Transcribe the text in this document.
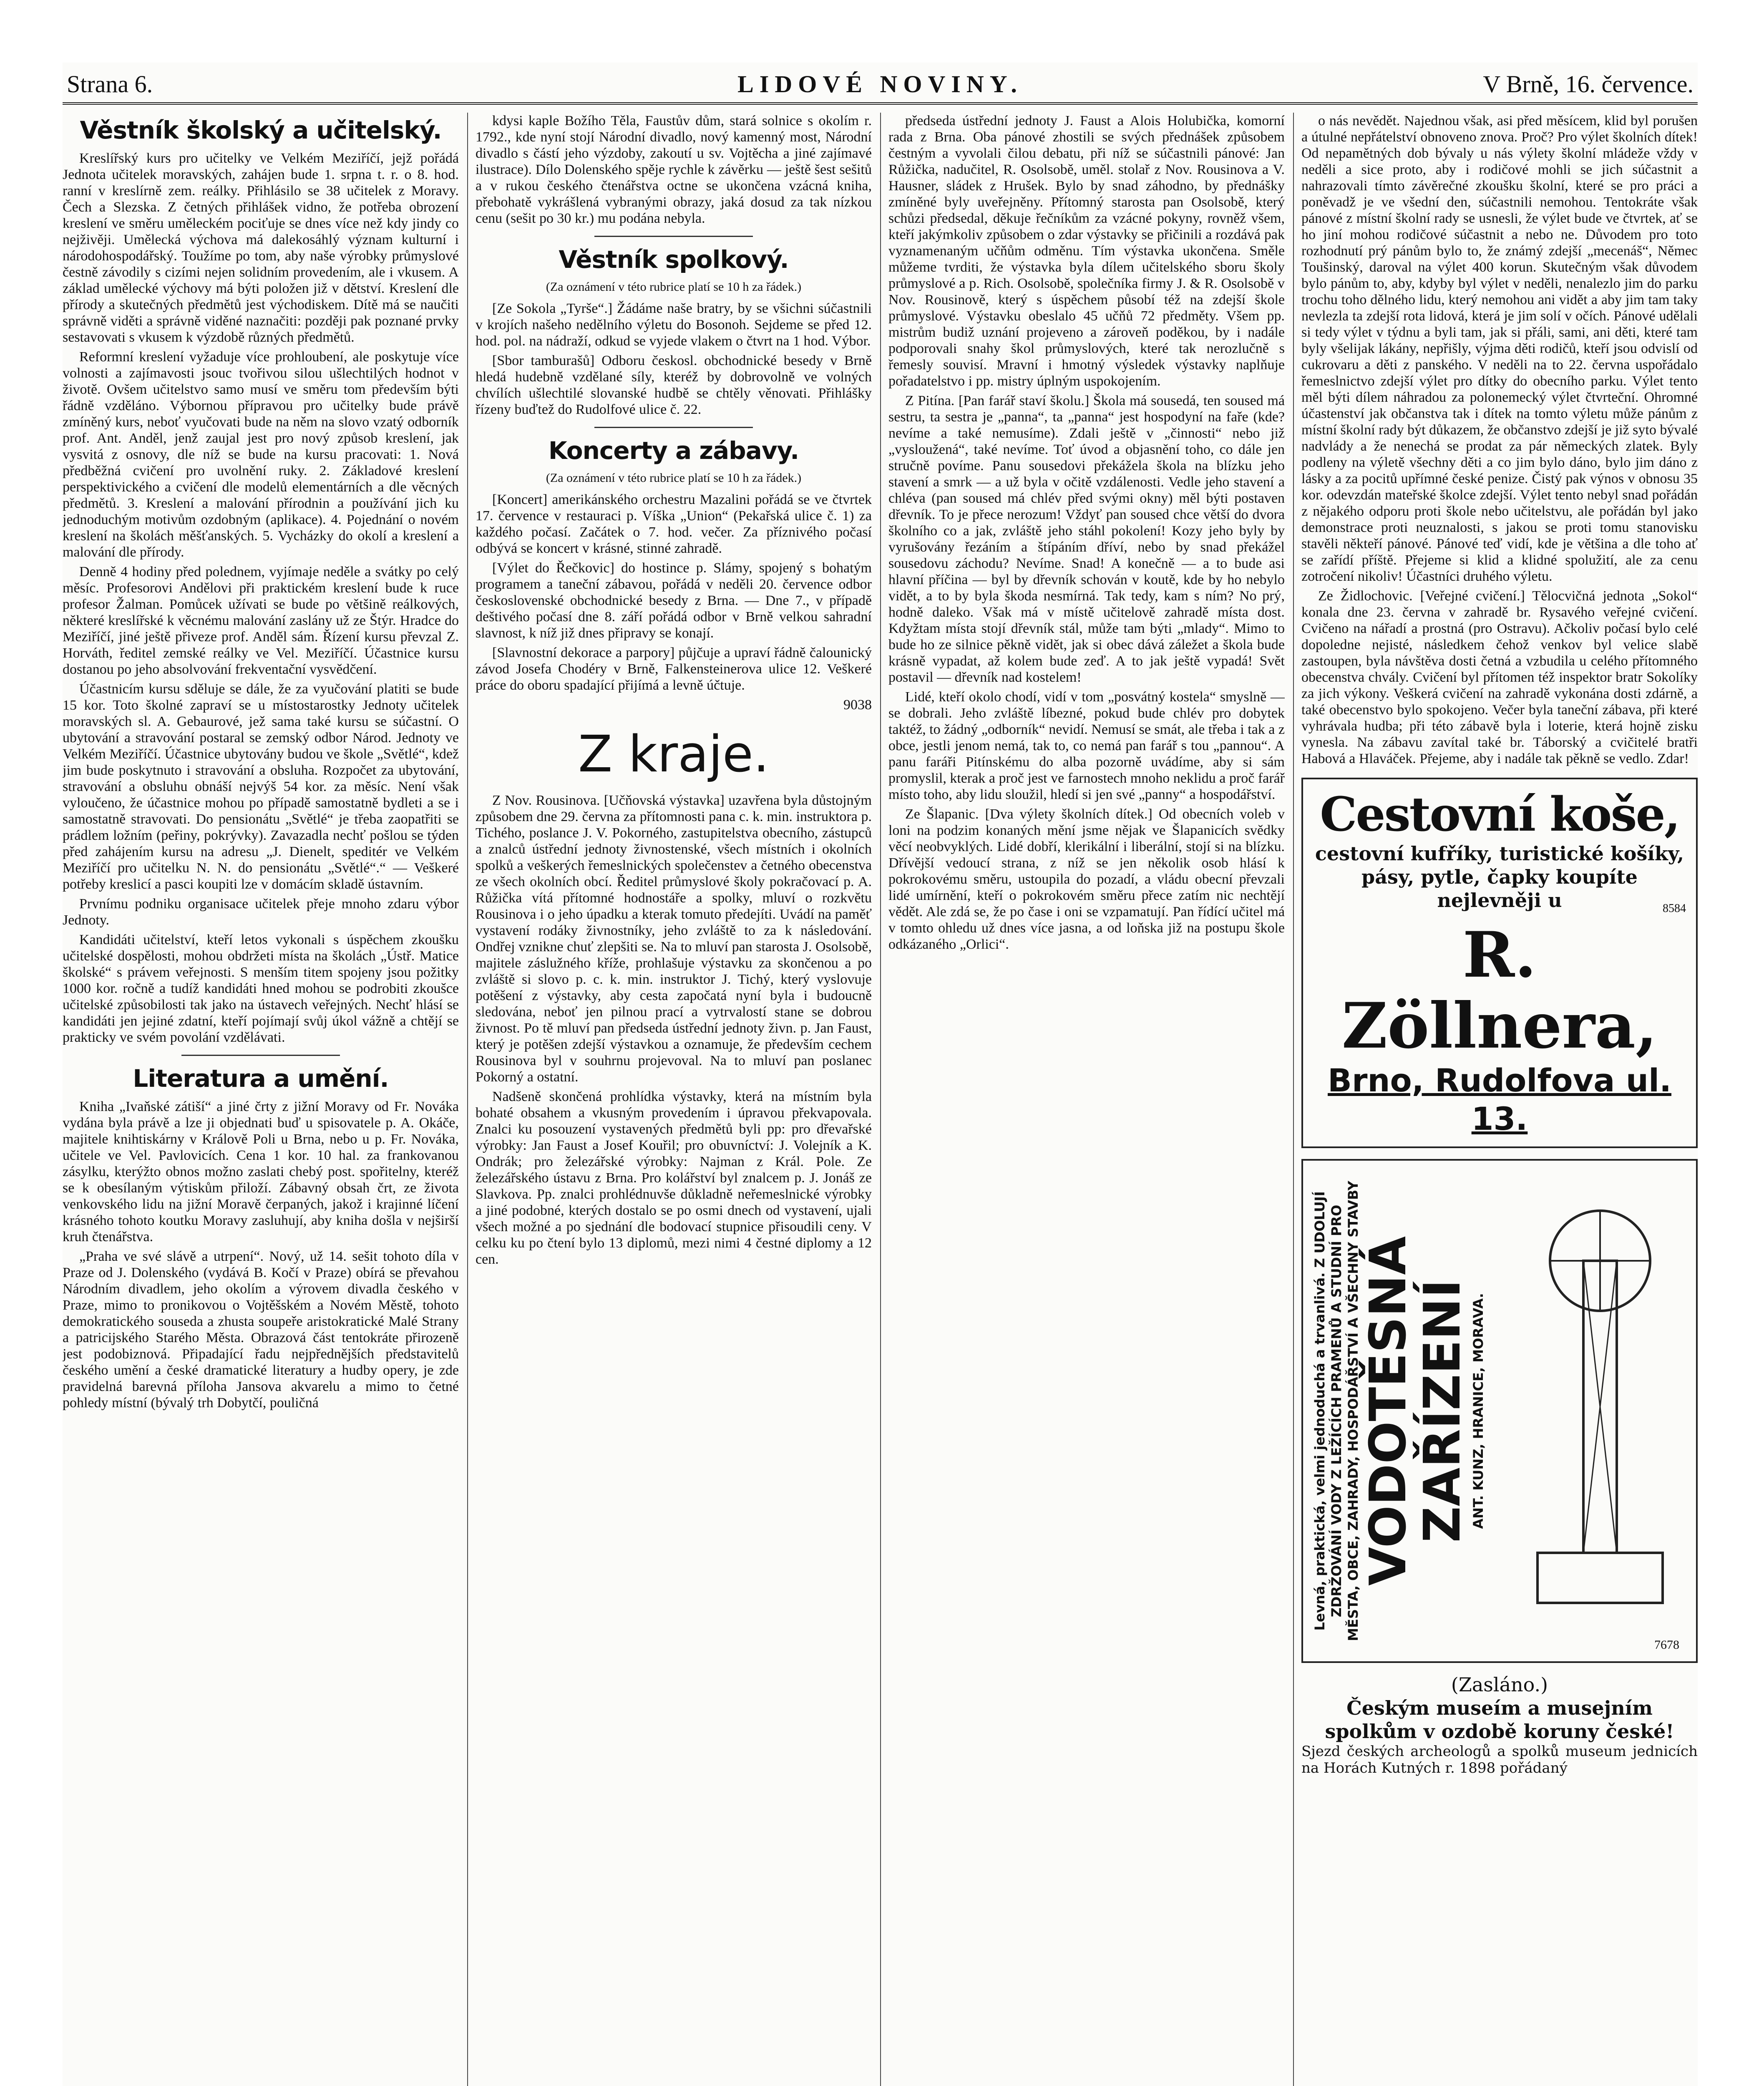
Strana 6.	LIDOVÉ NOVINY.	V Brně, 16. července.
Věstník školský a učitelský.

Kreslířský kurs pro učitelky ve Velkém Meziříčí, jejž pořádá Jednota učitelek moravských, zahájen bude 1. srpna t. r. o 8. hod. ranní v kreslírně zem. reálky. Přihlásilo se 38 učitelek z Moravy. Čech a Slezska. Z četných přihlášek vidno, že potřeba obrození kreslení ve směru uměleckém pociťuje se dnes více než kdy jindy co nejživěji. Umělecká výchova má dalekosáhlý význam kulturní i národohospodářský. Toužíme po tom, aby naše výrobky průmyslové čestně závodily s cizími nejen solidním provedením, ale i vkusem. A základ umělecké výchovy má býti položen již v dětství. Kreslení dle přírody a skutečných předmětů jest východiskem. Dítě má se naučiti správně viděti a správně viděné naznačiti: později pak poznané prvky sestavovati s vkusem k výzdobě různých předmětů.

Reformní kreslení vyžaduje více prohloubení, ale poskytuje více volnosti a zajímavosti jsouc tvořivou silou ušlechtilých hodnot v životě. Ovšem učitelstvo samo musí ve směru tom především býti řádně vzděláno. Výbornou přípravou pro učitelky bude právě zmíněný kurs, neboť vyučovati bude na něm na slovo vzatý odborník prof. Ant. Anděl, jenž zaujal jest pro nový způsob kreslení, jak vysvitá z osnovy, dle níž se bude na kursu pracovati: 1. Nová předběžná cvičení pro uvolnění ruky. 2. Základové kreslení perspektivického a cvičení dle modelů elementárních a dle věcných předmětů. 3. Kreslení a malování přírodnin a používání jich ku jednoduchým motivům ozdobným (aplikace). 4. Pojednání o novém kreslení na školách měšťanských. 5. Vycházky do okolí a kreslení a malování dle přírody.

Denně 4 hodiny před polednem, vyjímaje neděle a svátky po celý měsíc. Profesorovi Andělovi při praktickém kreslení bude k ruce profesor Žalman. Pomůcek užívati se bude po většině reálkových, některé kreslířské k věcnému malování zaslány už ze Štýr. Hradce do Meziříčí, jiné ještě přiveze prof. Anděl sám. Řízení kursu převzal Z. Horváth, ředitel zemské reálky ve Vel. Meziříčí. Účastnice kursu dostanou po jeho absolvování frekventační vysvědčení.

Účastnicím kursu sděluje se dále, že za vyučování platiti se bude 15 kor. Toto školné zapraví se u místostarostky Jednoty učitelek moravských sl. A. Gebaurové, jež sama také kursu se súčastní. O ubytování a stravování postaral se zemský odbor Národ. Jednoty ve Velkém Meziříčí. Účastnice ubytovány budou ve škole „Světlé“, kdež jim bude poskytnuto i stravování a obsluha. Rozpočet za ubytování, stravování a obsluhu obnáší nejvýš 54 kor. za měsíc. Není však vyloučeno, že účastnice mohou po případě samostatně bydleti a se i samostatně stravovati. Do pensionátu „Světlé“ je třeba zaopatřiti se prádlem ložním (peřiny, pokrývky). Zavazadla nechť pošlou se týden před zahájením kursu na adresu „J. Dienelt, speditér ve Velkém Meziříčí pro učitelku N. N. do pensionátu „Světlé“.“ — Veškeré potřeby kreslicí a pasci koupiti lze v domácím skladě ústavním.

Prvnímu podniku organisace učitelek přeje mnoho zdaru výbor Jednoty.

Kandidáti učitelství, kteří letos vykonali s úspěchem zkoušku učitelské dospělosti, mohou obdržeti místa na školách „Ústř. Matice školské“ s právem veřejnosti. S menším titem spojeny jsou požitky 1000 kor. ročně a tudíž kandidáti hned mohou se podrobiti zkoušce učitelské způsobilosti tak jako na ústavech veřejných. Nechť hlásí se kandidáti jen jejiné zdatní, kteří pojímají svůj úkol vážně a chtějí se prakticky ve svém povolání vzdělávati.

Literatura a umění.

Kniha „Ivaňské zátiší“ a jiné črty z jižní Moravy od Fr. Nováka vydána byla právě a lze ji objednati buď u spisovatele p. A. Okáče, majitele knihtiskárny v Králově Poli u Brna, nebo u p. Fr. Nováka, učitele ve Vel. Pavlovicích. Cena 1 kor. 10 hal. za frankovanou zásylku, kterýžto obnos možno zaslati chebý post. spořitelny, kteréž se k obesílaným výtiskům přiloží. Zábavný obsah črt, ze života venkovského lidu na jižní Moravě čerpaných, jakož i krajinné líčení krásného tohoto koutku Moravy zasluhují, aby kniha došla v nejširší kruh čtenářstva.

„Praha ve své slávě a utrpení“. Nový, už 14. sešit tohoto díla v Praze od J. Dolenského (vydává B. Kočí v Praze) obírá se převahou Národním divadlem, jeho okolím a výrovem divadla českého v Praze, mimo to pronikovou o Vojtěšském a Novém Městě, tohoto demokratického souseda a zhusta soupeře aristokratické Malé Strany a patricijského Starého Města. Obrazová část tentokráte přirozeně jest podobiznová. Připadající řadu nejpřednějších představitelů českého umění a české dramatické literatury a hudby opery, je zde pravidelná barevná příloha Jansova akvarelu a mimo to četné pohledy místní (bývalý trh Dobytčí, pouličná

kdysi kaple Božího Těla, Faustův dům, stará solnice s okolím r. 1792., kde nyní stojí Národní divadlo, nový kamenný most, Národní divadlo s částí jeho výzdoby, zakoutí u sv. Vojtěcha a jiné zajímavé ilustrace). Dílo Dolenského spěje rychle k závěrku — ještě šest sešitů a v rukou českého čtenářstva octne se ukončena vzácná kniha, přebohatě vykrášlená vybranými obrazy, jaká dosud za tak nízkou cenu (sešit po 30 kr.) mu podána nebyla.

Věstník spolkový.
(Za oznámení v této rubrice platí se 10 h za řádek.)

[Ze Sokola „Tyrše“.] Žádáme naše bratry, by se všichni súčastnili v krojích našeho nedělního výletu do Bosonoh. Sejdeme se před 12. hod. pol. na nádraží, odkud se vyjede vlakem o čtvrt na 1 hod. Výbor.

[Sbor tamburašů] Odboru českosl. obchodnické besedy v Brně hledá hudebně vzdělané síly, kteréž by dobrovolně ve volných chvílích ušlechtilé slovanské hudbě se chtěly věnovati. Přihlášky řízeny buďtež do Rudolfové ulice č. 22.

Koncerty a zábavy.
(Za oznámení v této rubrice platí se 10 h za řádek.)

[Koncert] amerikánského orchestru Mazalini pořádá se ve čtvrtek 17. července v restauraci p. Víška „Union“ (Pekařská ulice č. 1) za každého počasí. Začátek o 7. hod. večer. Za příznivého počasí odbývá se koncert v krásné, stinné zahradě.

[Výlet do Řečkovic] do hostince p. Slámy, spojený s bohatým programem a taneční zábavou, pořádá v neděli 20. července odbor československé obchodnické besedy z Brna. — Dne 7., v případě deštivého počasí dne 8. září pořádá odbor v Brně velkou sahradní slavnost, k níž již dnes připravy se konají.

[Slavnostní dekorace a parpory] půjčuje a upraví řádně čalounický závod Josefa Chodéry v Brně, Falkensteinerova ulice 12. Veškeré práce do oboru spadající přijímá a levně účtuje.

9038
Z kraje.

Z Nov. Rousinova. [Učňovská výstavka] uzavřena byla důstojným způsobem dne 29. června za přítomnosti pana c. k. min. instruktora p. Tichého, poslance J. V. Pokorného, zastupitelstva obecního, zástupců a znalců ústřední jednoty živnostenské, všech místních i okolních spolků a veškerých řemeslnických společenstev a četného obecenstva ze všech okolních obcí. Ředitel průmyslové školy pokračovací p. A. Růžička vítá přítomné hodnostáře a spolky, mluví o rozkvětu Rousinova i o jeho úpadku a kterak tomuto předejíti. Uvádí na paměť vystavení rodáky živnostníky, jeho zvláště to za k následování. Ondřej vznikne chuť zlepšiti se. Na to mluví pan starosta J. Osolsobě, majitele záslužného kříže, prohlašuje výstavku za skončenou a po zvláště si slovo p. c. k. min. instruktor J. Tichý, který vyslovuje potěšení z výstavky, aby cesta započatá nyní byla i budoucně sledována, neboť jen pilnou prací a vytrvalostí stane se dobrou živnost. Po tě mluví pan předseda ústřední jednoty živn. p. Jan Faust, který je potěšen zdejší výstavkou a oznamuje, že především cechem Rousinova byl v souhrnu projevoval. Na to mluví pan poslanec Pokorný a ostatní.

Nadšeně skončená prohlídka výstavky, která na místním byla bohaté obsahem a vkusným provedením i úpravou překvapovala. Znalci ku posouzení vystavených předmětů byli pp: pro dřevařské výrobky: Jan Faust a Josef Kouřil; pro obuvníctví: J. Volejník a K. Ondrák; pro železářské výrobky: Najman z Král. Pole. Ze železářského ústavu z Brna. Pro kolářství byl znalcem p. J. Jonáš ze Slavkova. Pp. znalci prohlédnuvše důkladně neřemeslnické výrobky a jiné podobné, kterých dostalo se po osmi dnech od vystavení, ujali všech možné a po sjednání dle bodovací stupnice přisoudili ceny. V celku ku po čtení bylo 13 diplomů, mezi nimi 4 čestné diplomy a 12 cen.

předseda ústřední jednoty J. Faust a Alois Holubička, komorní rada z Brna. Oba pánové zhostili se svých přednášek způsobem čestným a vyvolali čilou debatu, při níž se súčastnili pánové: Jan Růžička, nadučitel, R. Osolsobě, uměl. stolař z Nov. Rousinova a V. Hausner, sládek z Hrušek. Bylo by snad záhodno, by přednášky zmíněné byly uveřejněny. Přítomný starosta pan Osolsobě, který schůzi předsedal, děkuje řečníkům za vzácné pokyny, rovněž všem, kteří jakýmkoliv způsobem o zdar výstavky se přičinili a rozdává pak vyznamenaným učňům odměnu. Tím výstavka ukončena. Směle můžeme tvrditi, že výstavka byla dílem učitelského sboru školy průmyslové a p. Rich. Osolsobě, společníka firmy J. & R. Osolsobě v Nov. Rousinově, který s úspěchem působí též na zdejší škole průmyslové. Výstavku obeslalo 45 učňů 72 předměty. Všem pp. mistrům budiž uznání projeveno a zároveň poděkou, by i nadále podporovali snahy škol průmyslových, které tak nerozlučně s řemesly souvisí. Mravní i hmotný výsledek výstavky naplňuje pořadatelstvo i pp. mistry úplným uspokojením.

Z Pitína. [Pan farář staví školu.] Škola má sousedá, ten soused má sestru, ta sestra je „panna“, ta „panna“ jest hospodyní na faře (kde? nevíme a také nemusíme). Zdali ještě v „činnosti“ nebo již „vysloužená“, také nevíme. Toť úvod a objasnění toho, co dále jen stručně povíme. Panu sousedovi překážela škola na blízku jeho stavení a smrk — a už byla v očitě vzdálenosti. Vedle jeho stavení a chléva (pan soused má chlév před svými okny) měl býti postaven dřevník. To je přece nerozum! Vždyť pan soused chce větší do dvora školního co a jak, zvláště jeho stáhl pokolení! Kozy jeho byly by vyrušovány řezáním a štípáním dříví, nebo by snad překážel sousedovu záchodu? Nevíme. Snad! A konečně — a to bude asi hlavní příčina — byl by dřevník schován v koutě, kde by ho nebylo vidět, a to by byla škoda nesmírná. Tak tedy, kam s ním? No prý, hodně daleko. Však má v místě učitelově zahradě místa dost. Kdyžtam místa stojí dřevník stál, může tam býti „mlady“. Mimo to bude ho ze silnice pěkně vidět, jak si obec dává záležet a škola bude krásně vypadat, až kolem bude zeď. A to jak ještě vypadá! Svět postavil — dřevník nad kostelem!

Lidé, kteří okolo chodí, vidí v tom „posvátný kostela“ smyslně — se dobrali. Jeho zvláště líbezné, pokud bude chlév pro dobytek taktéž, to žádný „odborník“ nevidí. Nemusí se smát, ale třeba i tak a z obce, jestli jenom nemá, tak to, co nemá pan farář s tou „pannou“. A panu faráři Pitínskému do alba pozorně uvádíme, aby si sám promyslil, kterak a proč jest ve farnostech mnoho neklidu a proč farář místo toho, aby lidu sloužil, hledí si jen své „panny“ a hospodářství.

Ze Šlapanic. [Dva výlety školních dítek.] Od obecních voleb v loni na podzim konaných mění jsme nějak ve Šlapanicích svědky věcí neobvyklých. Lidé dobří, klerikální i liberální, stojí si na blízku. Dřívější vedoucí strana, z níž se jen několik osob hlásí k pokrokovému směru, ustoupila do pozadí, a vládu obecní převzali lidé umírnění, kteří o pokrokovém směru přece zatím nic nechtějí vědět. Ale zdá se, že po čase i oni se vzpamatují. Pan řídící učitel má v tomto ohledu už dnes více jasna, a od loňska již na postupu škole odkázaného „Orlici“.

o nás nevědět. Najednou však, asi před měsícem, klid byl porušen a útulné nepřátelství obnoveno znova. Proč? Pro výlet školních dítek! Od nepamětných dob bývaly u nás výlety školní mládeže vždy v neděli a sice proto, aby i rodičové mohli se jich súčastnit a nahrazovali tímto závěrečné zkoušku školní, které se pro práci a poněvadž je ve všední den, súčastnili nemohou. Tentokráte však pánové z místní školní rady se usnesli, že výlet bude ve čtvrtek, ať se ho jiní mohou rodičové súčastnit a nebo ne. Důvodem pro toto rozhodnutí prý pánům bylo to, že známý zdejší „mecenáš“, Němec Toušinský, daroval na výlet 400 korun. Skutečným však důvodem bylo pánům to, aby, kdyby byl výlet v neděli, nenalezlo jim do parku trochu toho dělného lidu, který nemohou ani vidět a aby jim tam taky nevlezla ta zdejší rota lidová, která je jim solí v očích. Pánové udělali si tedy výlet v týdnu a byli tam, jak si přáli, sami, ani děti, které tam byly všelijak lákány, nepřišly, výjma děti rodičů, kteří jsou odvislí od cukrovaru a děti z panského. V neděli na to 22. června uspořádalo řemeslnictvo zdejší výlet pro dítky do obecního parku. Výlet tento měl býti dílem náhradou za polonemecký výlet čtvrteční. Ohromné účastenství jak občanstva tak i dítek na tomto výletu může pánům z místní školní rady být důkazem, že občanstvo zdejší je již syto bývalé nadvlády a že nenechá se prodat za pár německých zlatek. Byly podleny na výletě všechny děti a co jim bylo dáno, bylo jim dáno z lásky a za pocitů upřímné české penize. Čistý pak výnos v obnosu 35 kor. odevzdán mateřské školce zdejší. Výlet tento nebyl snad pořádán z nějakého odporu proti škole nebo učitelstvu, ale pořádán byl jako demonstrace proti neuznalosti, s jakou se proti tomu stanovisku stavěli někteří pánové. Pánové teď vidí, kde je většina a dle toho ať se zařídí příště. Přejeme si klid a klidné spolužití, ale za cenu zotročení nikoliv! Účastníci druhého výletu.

Ze Židlochovic. [Veřejné cvičení.] Tělocvičná jednota „Sokol“ konala dne 23. června v zahradě br. Rysavého veřejné cvičení. Cvičeno na nářadí a prostná (pro Ostravu). Ačkoliv počasí bylo celé dopoledne nejisté, následkem čehož venkov byl velice slabě zastoupen, byla návštěva dosti četná a vzbudila u celého přítomného obecenstva chvály. Cvičení byl přítomen též inspektor bratr Sokolíky za jich výkony. Veškerá cvičení na zahradě vykonána dosti zdárně, a také obecenstvo bylo spokojeno. Večer byla taneční zábava, při které vyhrávala hudba; při této zábavě byla i loterie, která hojně zisku vynesla. Na zábavu zavítal také br. Táborský a cvičitelé bratři Habová a Hlaváček. Přejeme, aby i nadále tak pěkně se vedlo. Zdar!

Cestovní koše,
cestovní kufříky, turistické košíky, pásy, pytle, čapky koupíte nejlevněji u	8584
R. Zöllnera,
Brno, Rudolfova ul. 13.
Levná, praktická, velmi jednoduchá a trvanlivá. Z UDOLUJÍ ZDRŽOVÁNÍ VODY Z LEŽÍCÍCH PRAMENŮ A STUDNÍ PRO MĚSTA, OBCE, ZAHRADY, HOSPODÁŘSTVÍ A VŠECHNY STAVBY
VODOTĚSNÁ ZAŘÍZENÍ
ANT. KUNZ, HRANICE, MORAVA.
7678
(Zasláno.)
Českým museím a musejním spolkům v ozdobě koruny české!
Sjezd českých archeologů a spolků museum jednicích na Horách Kutných r. 1898 pořádaný
